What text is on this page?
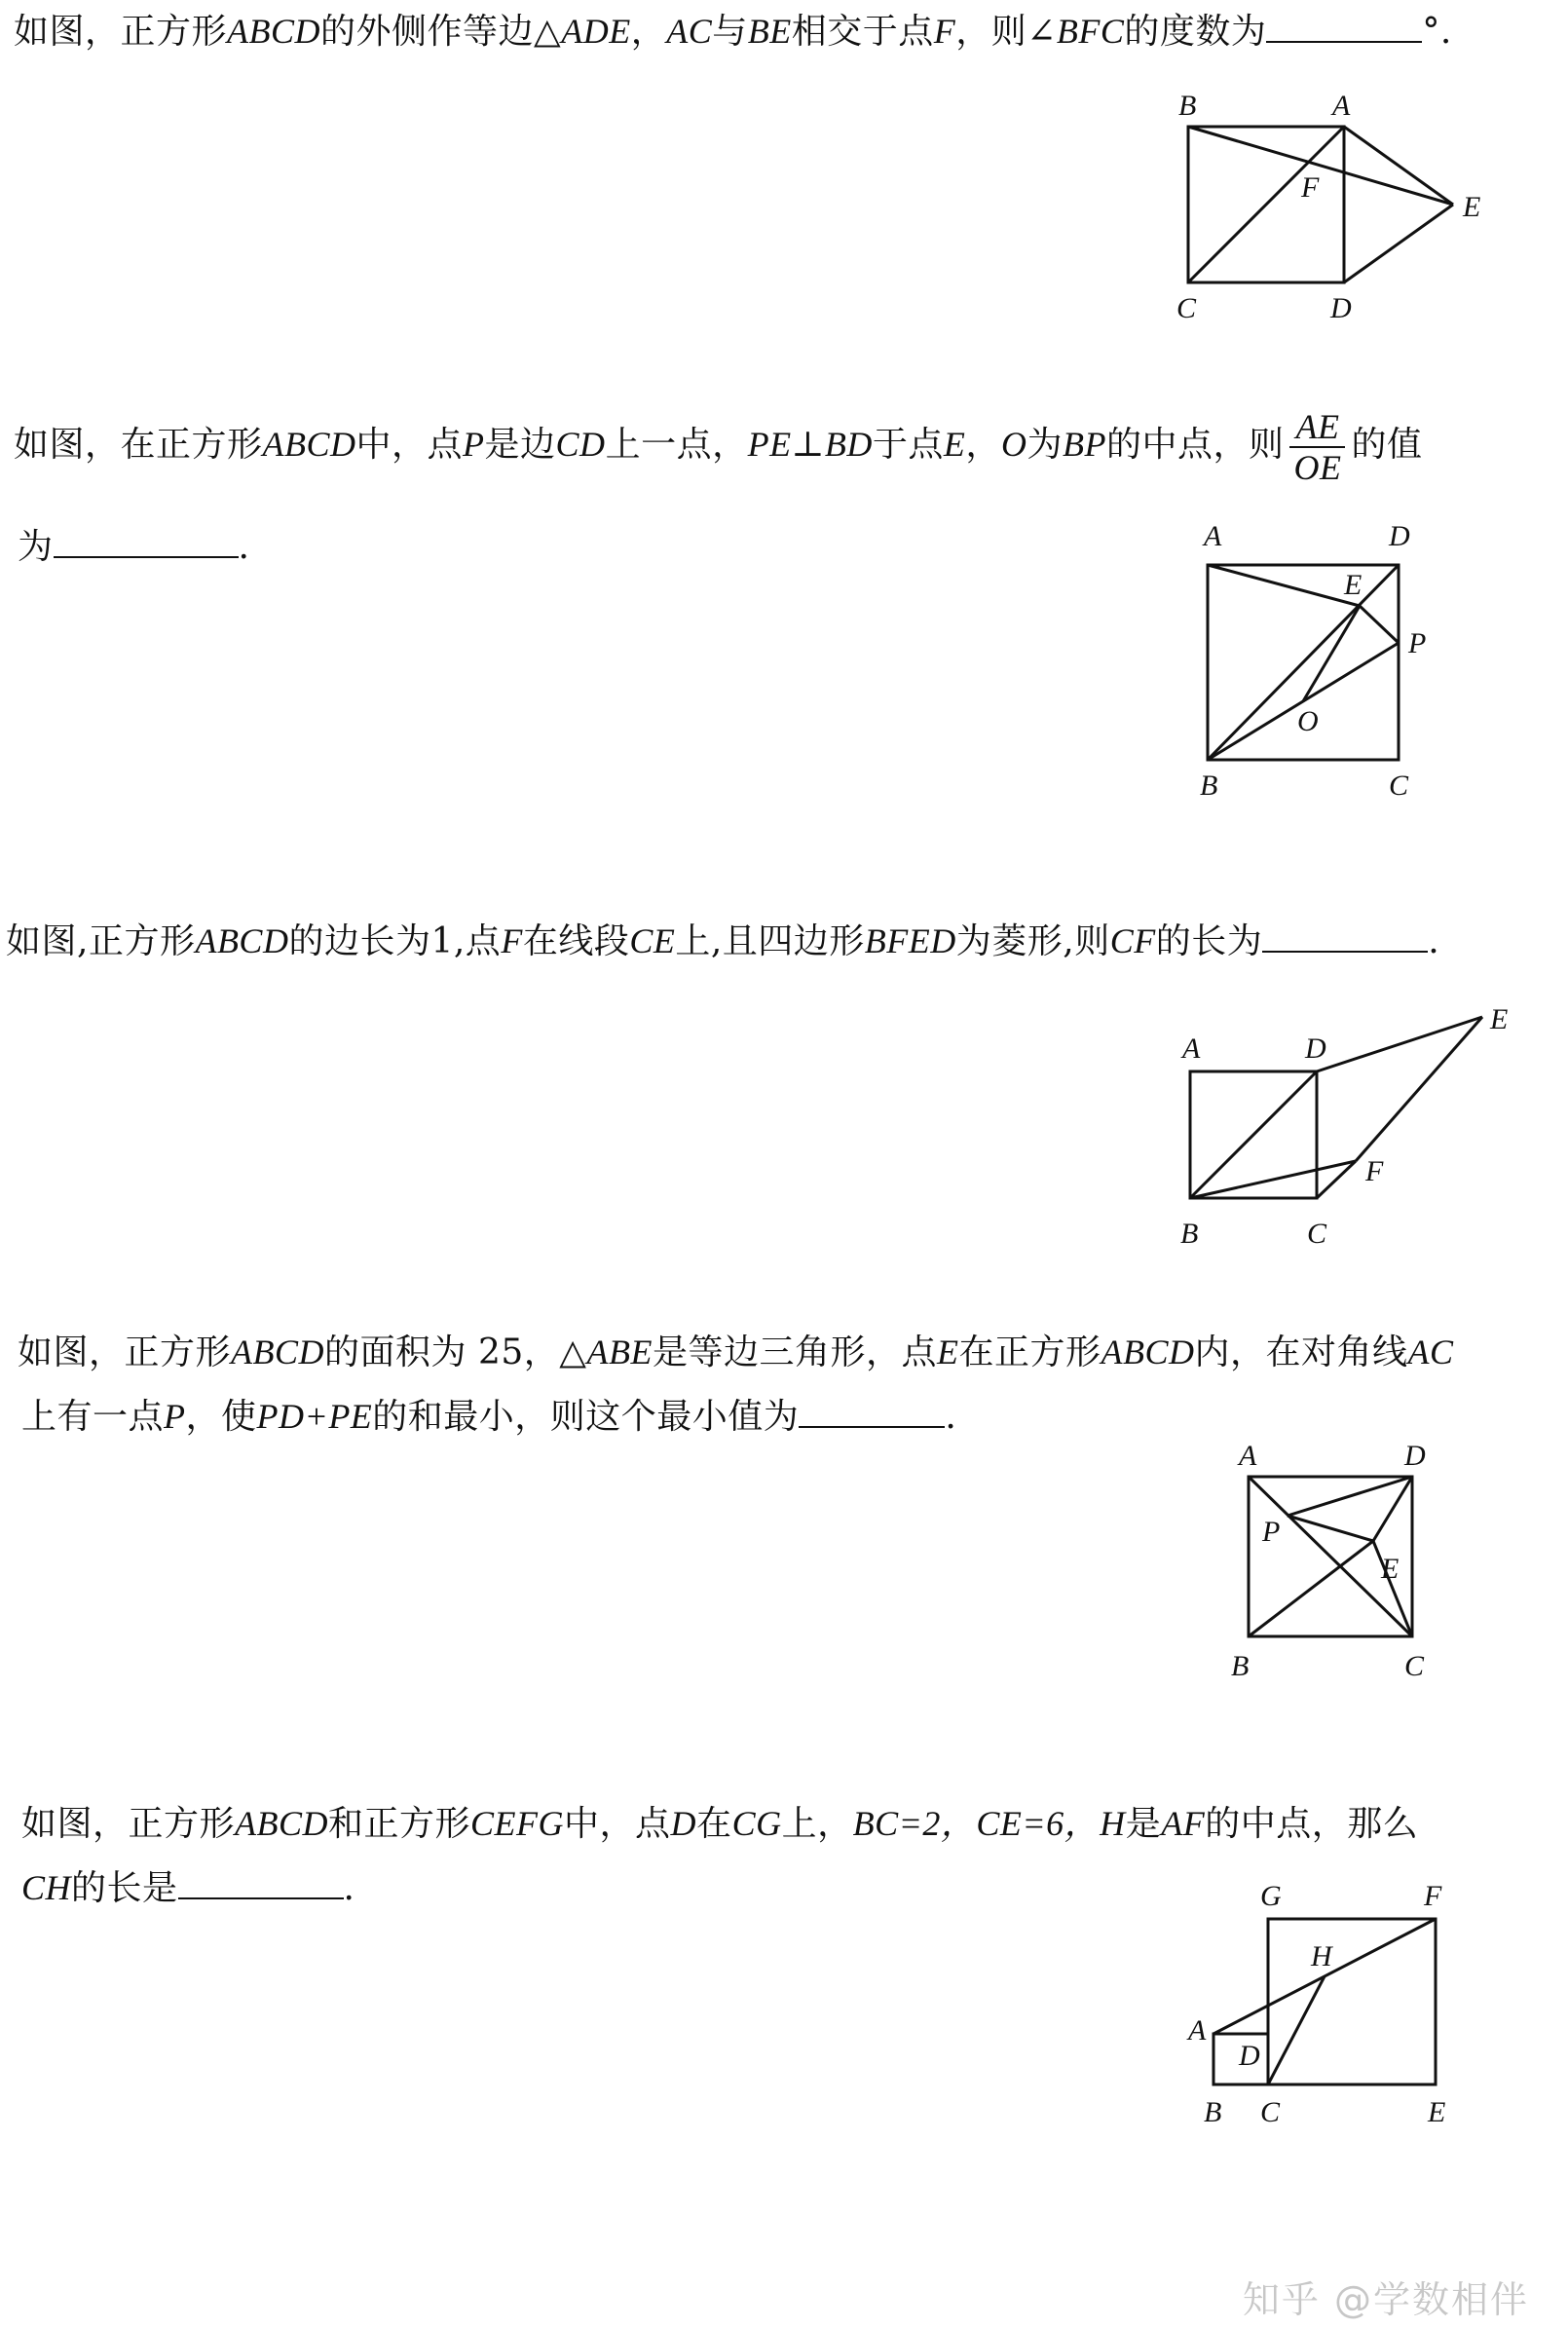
如图，正方形ABCD的外侧作等边△ADE，AC与BE相交于点F，则∠BFC的度数为	°.
B	A
F
E
C	D
如图，在正方形ABCD中，点P是边CD上一点，PE⊥BD于点E，O为BP的中点，则 $\frac{AE}{OE}$ 的值
为	.	A	D
E
P
O
B	C
如图,正方形ABCD的边长为1,点F在线段CE上,且四边形BFED为菱形,则CF的长为	.
A	D
E
F
B	C
如图，正方形ABCD的面积为 25，△ABE是等边三角形，点E在正方形ABCD内，在对角线AC
上有一点P，使PD+PE的和最小，则这个最小值为	.
A	D
P
E
B	C
如图，正方形ABCD和正方形CEFG中，点D在CG上，BC=2，CE=6，H是AF的中点，那么
CH的长是	.	G	F
H
A
D
B C	E
知乎 @学数相伴
